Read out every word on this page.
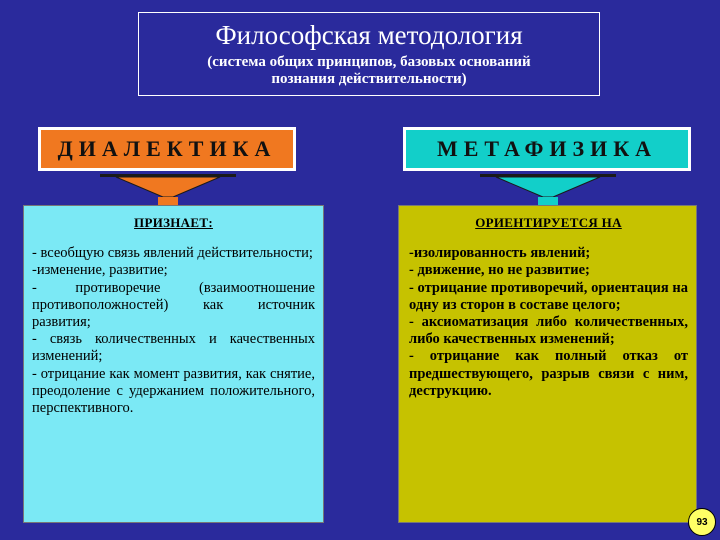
Философская методология
(система общих принципов, базовых оснований
познания действительности)
ДИАЛЕКТИКА	МЕТАФИЗИКА
ПРИЗНАЕТ:

- всеобщую связь явлений действительности;

-изменение, развитие;

- противоречие (взаимоотношение противоположностей) как источник развития;

- связь количественных и качественных изменений;

- отрицание как момент развития, как снятие, преодоление с удержанием положительного, перспективного.

ОРИЕНТИРУЕТСЯ НА

-изолированность явлений;

- движение, но не развитие;

- отрицание противоречий, ориентация на одну из сторон в составе целого;

- аксиоматизация либо количественных, либо качественных изменений;

- отрицание как полный отказ от предшествующего, разрыв связи с ним, деструкцию.

93
